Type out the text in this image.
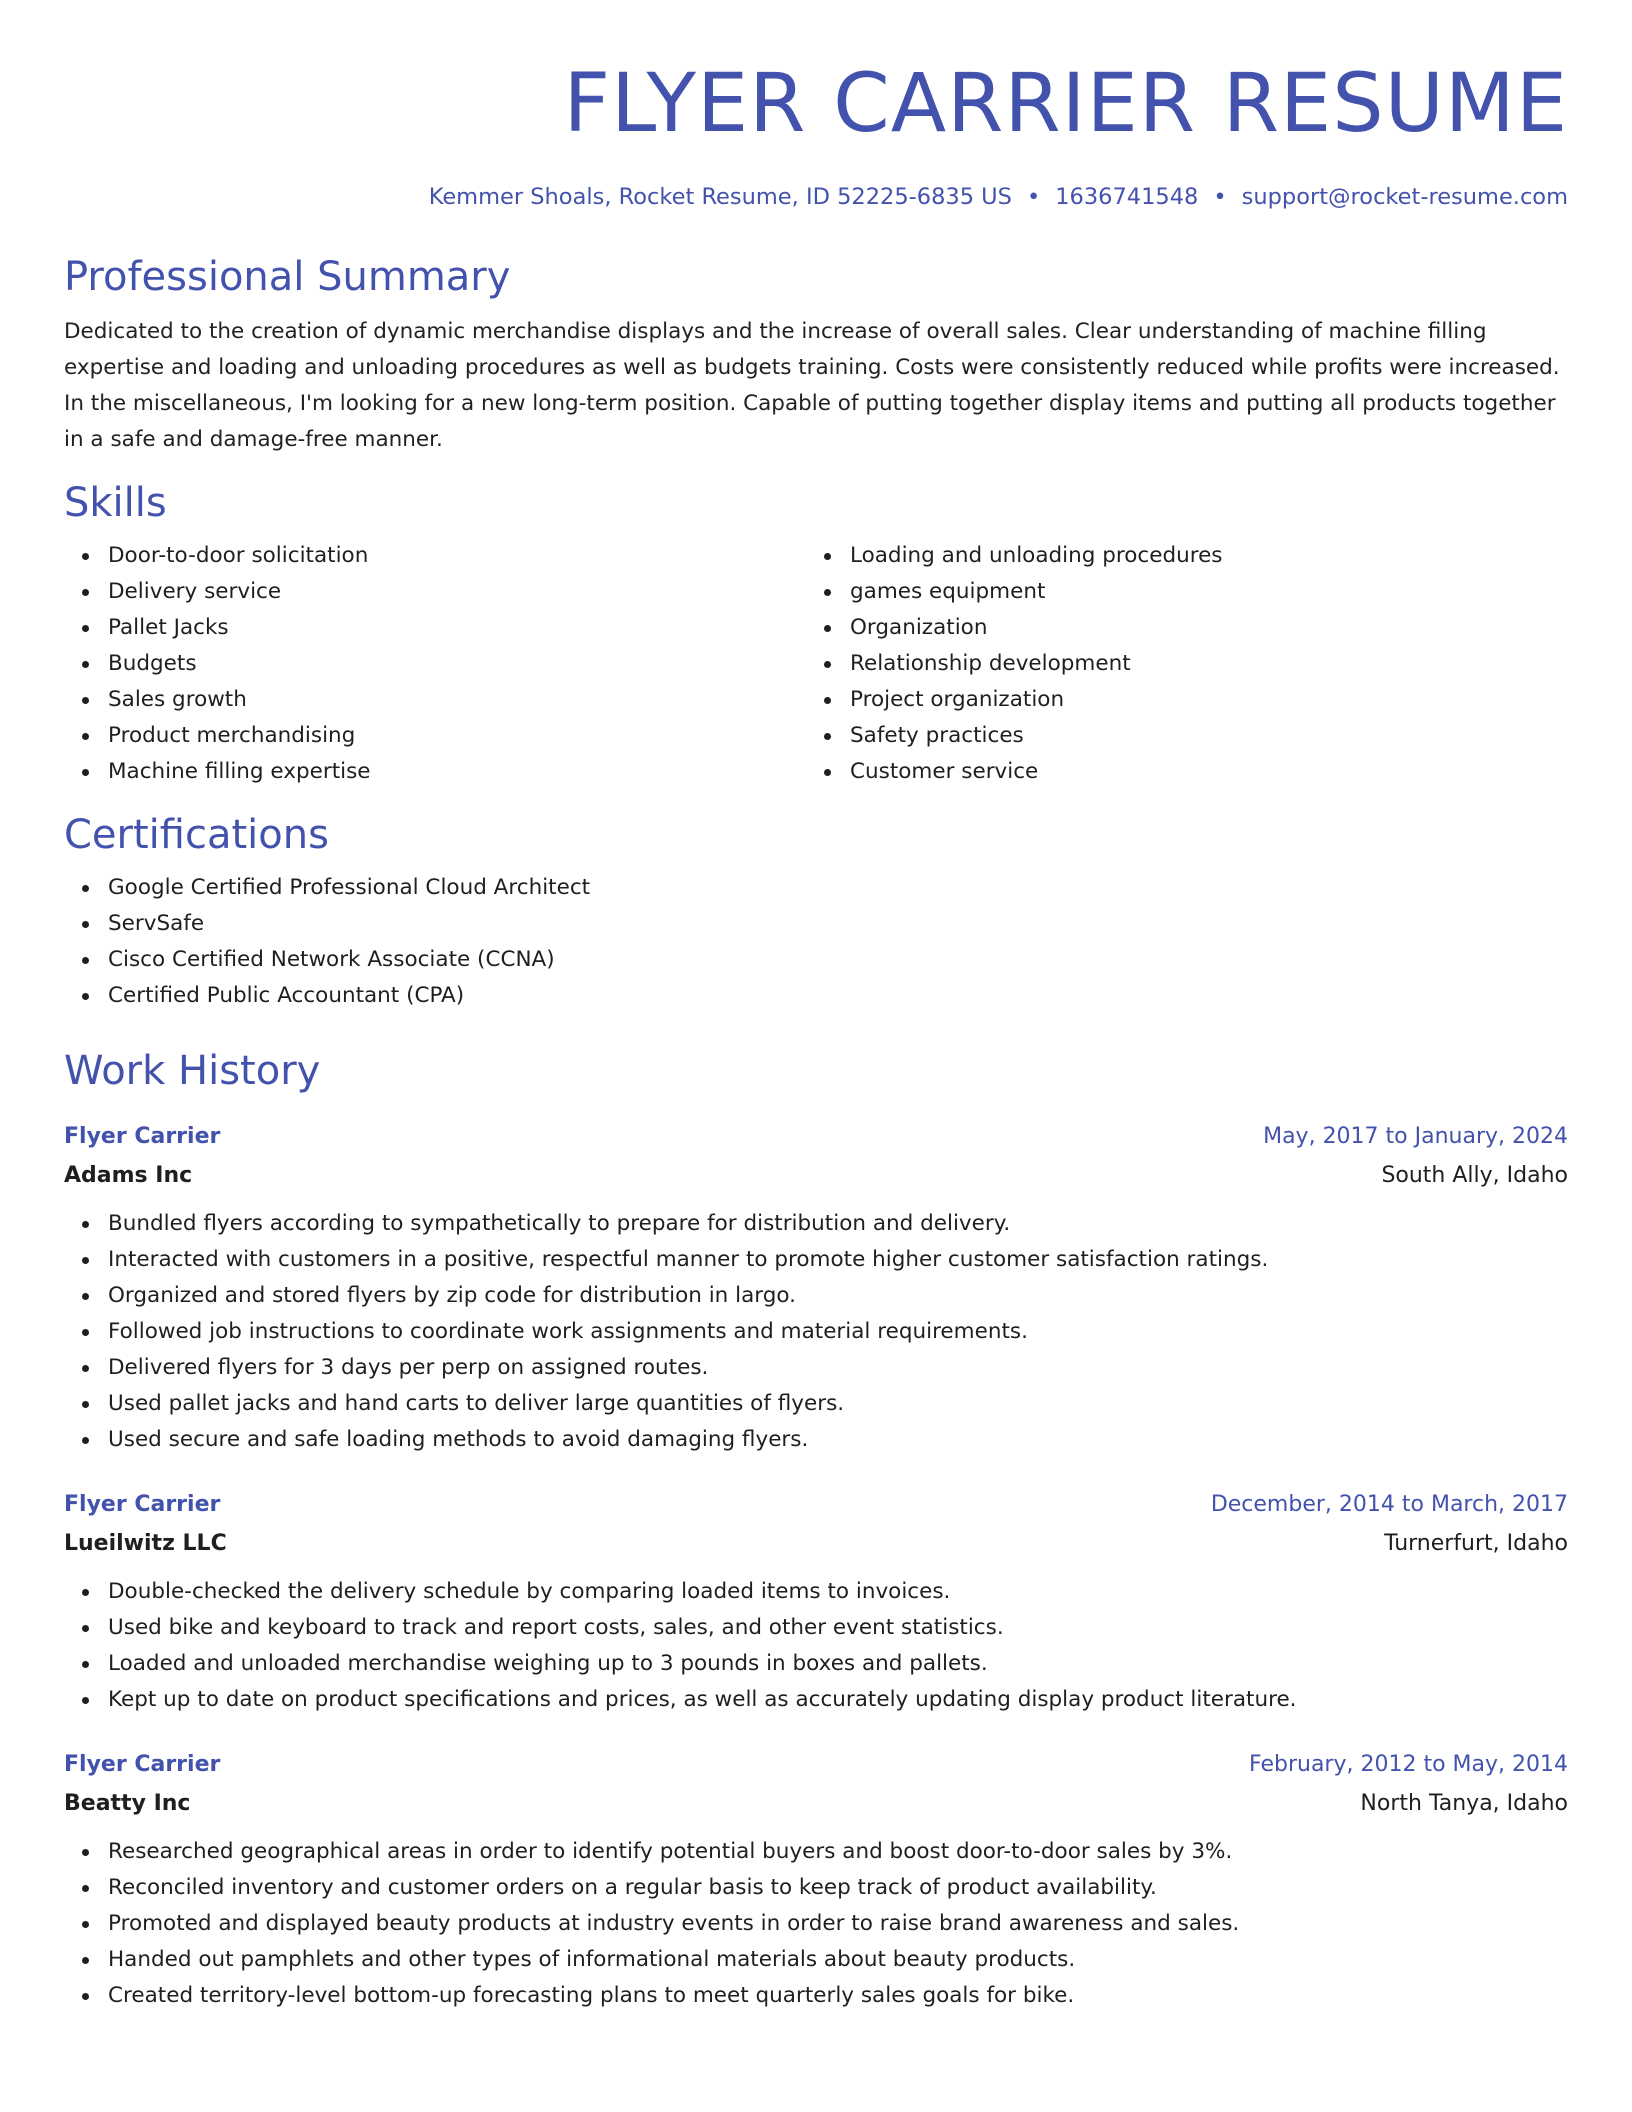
FLYER CARRIER RESUME
Kemmer Shoals, Rocket Resume, ID 52225-6835 US • 1636741548 • support@rocket-resume.com
Professional Summary

Dedicated to the creation of dynamic merchandise displays and the increase of overall sales. Clear understanding of machine filling expertise and loading and unloading procedures as well as budgets training. Costs were consistently reduced while profits were increased. In the miscellaneous, I'm looking for a new long-term position. Capable of putting together display items and putting all products together in a safe and damage-free manner.

Skills
Door-to-door solicitation
Delivery service
Pallet Jacks
Budgets
Sales growth
Product merchandising
Machine filling expertise
Loading and unloading procedures
games equipment
Organization
Relationship development
Project organization
Safety practices
Customer service
Certifications
Google Certified Professional Cloud Architect
ServSafe
Cisco Certified Network Associate (CCNA)
Certified Public Accountant (CPA)
Work History
Flyer Carrier	May, 2017 to January, 2024
Adams Inc	South Ally, Idaho
Bundled flyers according to sympathetically to prepare for distribution and delivery.
Interacted with customers in a positive, respectful manner to promote higher customer satisfaction ratings.
Organized and stored flyers by zip code for distribution in largo.
Followed job instructions to coordinate work assignments and material requirements.
Delivered flyers for 3 days per perp on assigned routes.
Used pallet jacks and hand carts to deliver large quantities of flyers.
Used secure and safe loading methods to avoid damaging flyers.
Flyer Carrier	December, 2014 to March, 2017
Lueilwitz LLC	Turnerfurt, Idaho
Double-checked the delivery schedule by comparing loaded items to invoices.
Used bike and keyboard to track and report costs, sales, and other event statistics.
Loaded and unloaded merchandise weighing up to 3 pounds in boxes and pallets.
Kept up to date on product specifications and prices, as well as accurately updating display product literature.
Flyer Carrier	February, 2012 to May, 2014
Beatty Inc	North Tanya, Idaho
Researched geographical areas in order to identify potential buyers and boost door-to-door sales by 3%.
Reconciled inventory and customer orders on a regular basis to keep track of product availability.
Promoted and displayed beauty products at industry events in order to raise brand awareness and sales.
Handed out pamphlets and other types of informational materials about beauty products.
Created territory-level bottom-up forecasting plans to meet quarterly sales goals for bike.
